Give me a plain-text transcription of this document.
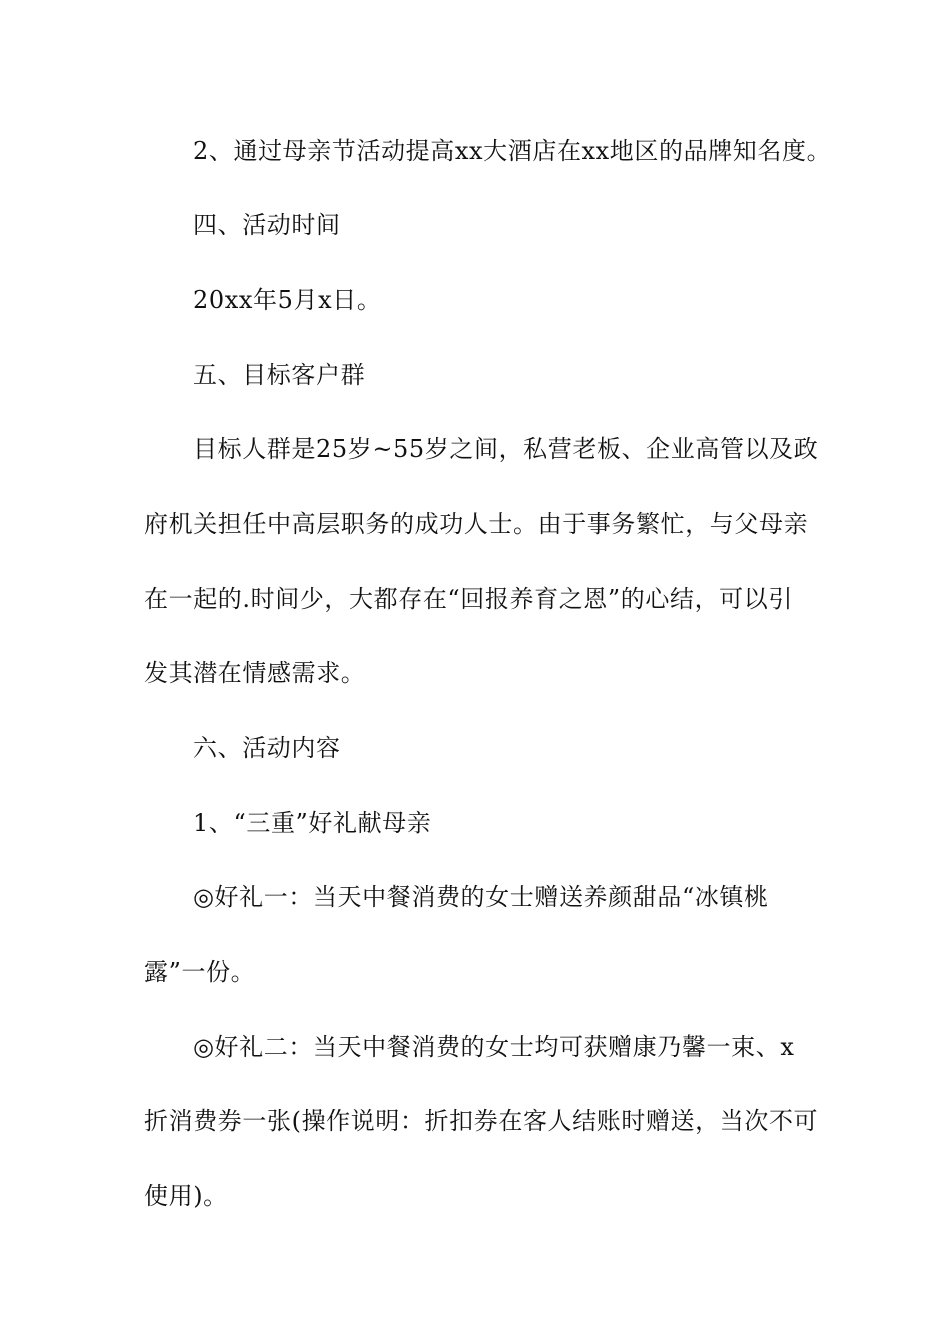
2、通过母亲节活动提高xx大酒店在xx地区的品牌知名度。
四、活动时间
20xx年5月x日。
五、目标客户群
目标人群是25岁~55岁之间，私营老板、企业高管以及政
府机关担任中高层职务的成功人士。由于事务繁忙，与父母亲
在一起的.时间少，大都存在“回报养育之恩”的心结，可以引
发其潜在情感需求。
六、活动内容
1、“三重”好礼献母亲
◎好礼一：当天中餐消费的女士赠送养颜甜品“冰镇桃
露”一份。
◎好礼二：当天中餐消费的女士均可获赠康乃馨一束、x
折消费券一张(操作说明：折扣券在客人结账时赠送，当次不可
使用)。
